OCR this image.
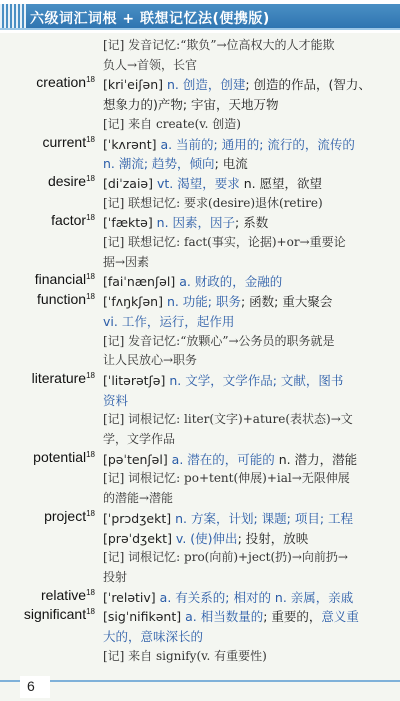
六级词汇词根 + 联想记忆法(便携版)
[记] 发音记忆:“欺负”→位高权大的人才能欺
负人→首领，长官
creation$^{18}$ [kriˈeiʃən] n. 创造，创建; 创造的作品，(智力、
想象力的)产物; 宇宙，天地万物
[记] 来自 create(v. 创造)
current$^{18}$ [ˈkʌrənt] a. 当前的; 通用的; 流行的，流传的
n. 潮流; 趋势，倾向; 电流
desire$^{18}$ [diˈzaiə] vt. 渴望，要求 n. 愿望，欲望
[记] 联想记忆: 要求(desire)退休(retire)
factor$^{18}$ [ˈfæktə] n. 因素，因子; 系数
[记] 联想记忆: fact(事实，论据)+or→重要论
据→因素
financial$^{18}$ [faiˈnænʃəl] a. 财政的，金融的
function$^{18}$ [ˈfʌŋkʃən] n. 功能; 职务; 函数; 重大聚会
vi. 工作，运行，起作用
[记] 发音记忆:“放颗心”→公务员的职务就是
让人民放心→职务
literature$^{18}$ [ˈlitərətʃə] n. 文学，文学作品; 文献，图书
资料
[记] 词根记忆: liter(文字)+ature(表状态)→文
学，文学作品
potential$^{18}$ [pəˈtenʃəl] a. 潜在的，可能的 n. 潜力，潜能
[记] 词根记忆: po+tent(伸展)+ial→无限伸展
的潜能→潜能
project$^{18}$ [ˈprɔdʒekt] n. 方案，计划; 课题; 项目; 工程
[prəˈdʒekt] v. (使)伸出; 投射，放映
[记] 词根记忆: pro(向前)+ject(扔)→向前扔→
投射
relative$^{18}$ [ˈrelətiv] a. 有关系的; 相对的 n. 亲属，亲戚
significant$^{18}$ [sigˈnifikənt] a. 相当数量的; 重要的，意义重
大的，意味深长的
[记] 来自 signify(v. 有重要性)
6
